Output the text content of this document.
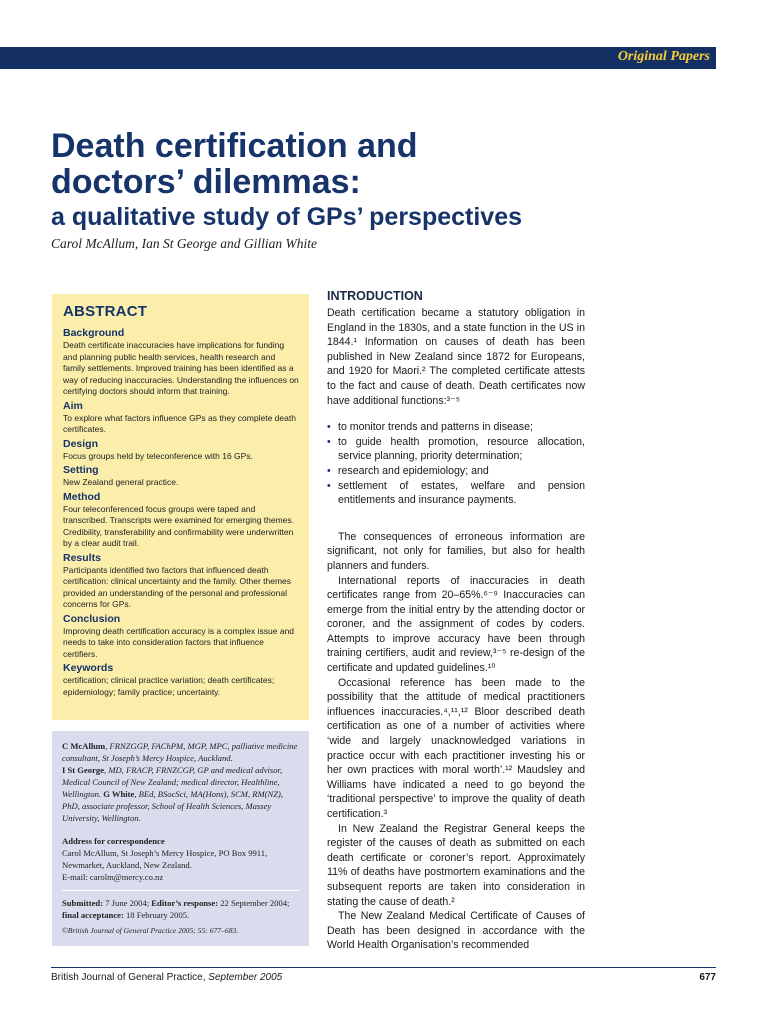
Original Papers
Death certification and doctors’ dilemmas:
a qualitative study of GPs’ perspectives
Carol McAllum, Ian St George and Gillian White
ABSTRACT

Background

Death certificate inaccuracies have implications for funding and planning public health services, health research and family settlements. Improved training has been identified as a way of reducing inaccuracies. Understanding the influences on certifying doctors should inform that training.

Aim

To explore what factors influence GPs as they complete death certificates.

Design

Focus groups held by teleconference with 16 GPs.

Setting

New Zealand general practice.

Method

Four teleconferenced focus groups were taped and transcribed. Transcripts were examined for emerging themes. Credibility, transferability and confirmability were underwritten by a clear audit trail.

Results

Participants identified two factors that influenced death certification: clinical uncertainty and the family. Other themes provided an understanding of the personal and professional concerns for GPs.

Conclusion

Improving death certification accuracy is a complex issue and needs to take into consideration factors that influence certifiers.

Keywords

certification; clinical practice variation; death certificates; epidemiology; family practice; uncertainty.

C McAllum, FRNZGGP, FAChPM, MGP, MPC, palliative medicine consultant, St Joseph’s Mercy Hospice, Auckland.
I St George, MD, FRACP, FRNZCGP, GP and medical advisor, Medical Council of New Zealand; medical director, Healthline, Wellington. G White, BEd, BSocSci, MA(Hons), SCM, RM(NZ), PhD, associate professor, School of Health Sciences, Massey University, Wellington.

Address for correspondence

Carol McAllum, St Joseph’s Mercy Hospice, PO Box 9911,

Newmarket, Auckland, New Zealand.

E-mail: carolm@mercy.co.nz

Submitted: 7 June 2004; Editor’s response: 22 September 2004; final acceptance: 18 February 2005.

©British Journal of General Practice 2005; 55: 677–683.

INTRODUCTION

Death certification became a statutory obligation in England in the 1830s, and a state function in the US in 1844.¹ Information on causes of death has been published in New Zealand since 1872 for Europeans, and 1920 for Maori.² The completed certificate attests to the fact and cause of death. Death certificates now have additional functions:³⁻⁵

• to monitor trends and patterns in disease;
• to guide health promotion, resource allocation, service planning, priority determination;
• research and epidemiology; and
• settlement of estates, welfare and pension entitlements and insurance payments.

The consequences of erroneous information are significant, not only for families, but also for health planners and funders.

International reports of inaccuracies in death certificates range from 20–65%.⁶⁻⁹ Inaccuracies can emerge from the initial entry by the attending doctor or coroner, and the assignment of codes by coders. Attempts to improve accuracy have been through training certifiers, audit and review,³⁻⁵ re-design of the certificate and updated guidelines.¹⁰

Occasional reference has been made to the possibility that the attitude of medical practitioners influences inaccuracies.⁴,¹¹,¹² Bloor described death certification as one of a number of activities where ‘wide and largely unacknowledged variations in practice occur with each practitioner investing his or her own practices with moral worth’.¹² Maudsley and Williams have indicated a need to go beyond the ‘traditional perspective’ to improve the quality of death certification.³

In New Zealand the Registrar General keeps the register of the causes of death as submitted on each death certificate or coroner’s report. Approximately 11% of deaths have postmortem examinations and the subsequent reports are taken into consideration in stating the cause of death.²

The New Zealand Medical Certificate of Causes of Death has been designed in accordance with the World Health Organisation’s recommended

British Journal of General Practice, September 2005	677
